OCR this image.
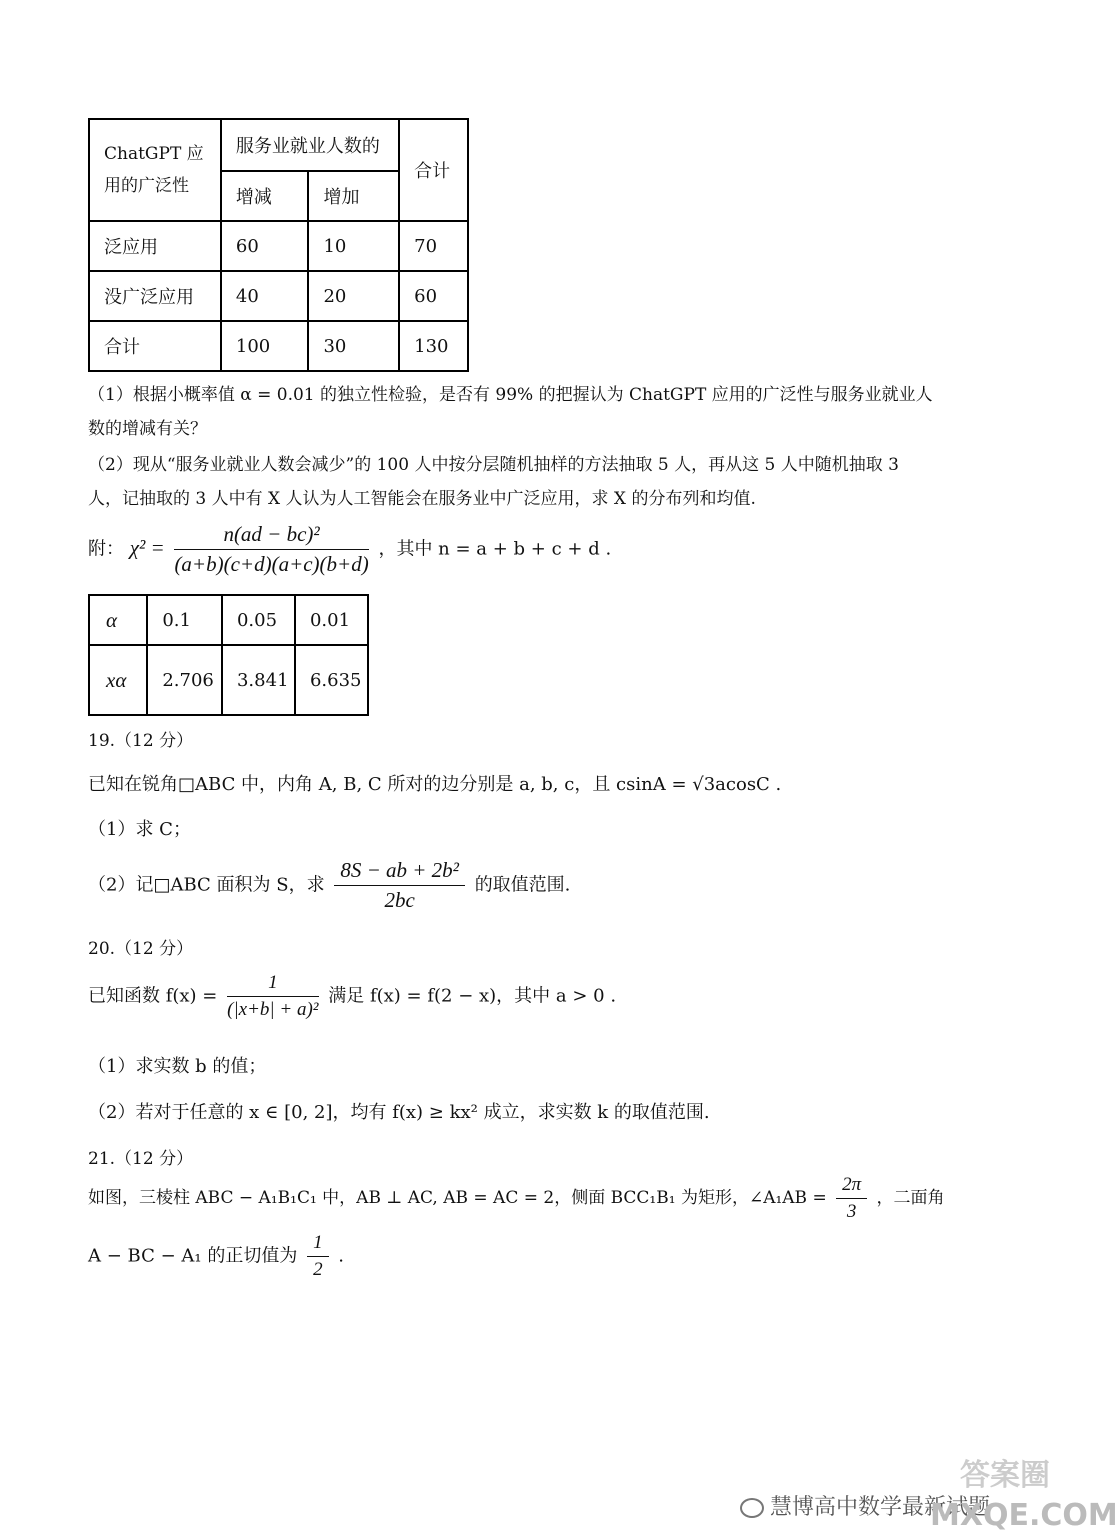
ChatGPT 应用的广泛性	服务业就业人数的		合计
	增减	增加	
泛应用	60	10	70
没广泛应用	40	20	60
合计	100	30	130
（1）根据小概率值 α = 0.01 的独立性检验，是否有 99% 的把握认为 ChatGPT 应用的广泛性与服务业就业人
数的增减有关？
（2）现从“服务业就业人数会减少”的 100 人中按分层随机抽样的方法抽取 5 人，再从这 5 人中随机抽取 3
人，记抽取的 3 人中有 X 人认为人工智能会在服务业中广泛应用，求 X 的分布列和均值.
附： $\chi^2 = \frac{\text{n(ad − bc)²}}{(a+b)(c+d)(a+c)(b+d)}$ ，其中 n = a + b + c + d .
α	0.1	0.05	0.01
xα	2.706	3.841	6.635
19.（12 分）
已知在锐角□ABC 中，内角 A, B, C 所对的边分别是 a, b, c，且 csinA = √3acosC .
（1）求 C；
（2）记□ABC 面积为 S，求 $\frac{\text{8S − ab + 2b²}}{2bc}$ 的取值范围.
20.（12 分）
已知函数 $f(x) = \frac{1}{\text{(|x+b| + a)²}}$ 满足 f(x) = f(2 − x)，其中 a > 0 .
（1）求实数 b 的值；
（2）若对于任意的 x ∈ [0, 2]，均有 f(x) ≥ kx² 成立，求实数 k 的取值范围.
21.（12 分）
如图，三棱柱 ABC − A₁B₁C₁ 中，AB ⊥ AC, AB = AC = 2，侧面 BCC₁B₁ 为矩形，∠A₁AB = $\frac{2\pi}{3}$ ，二面角
A − BC − A₁ 的正切值为 $\frac{1}{2}$ .
答案圈
慧博高中数学最新试题
MXQE.COM
